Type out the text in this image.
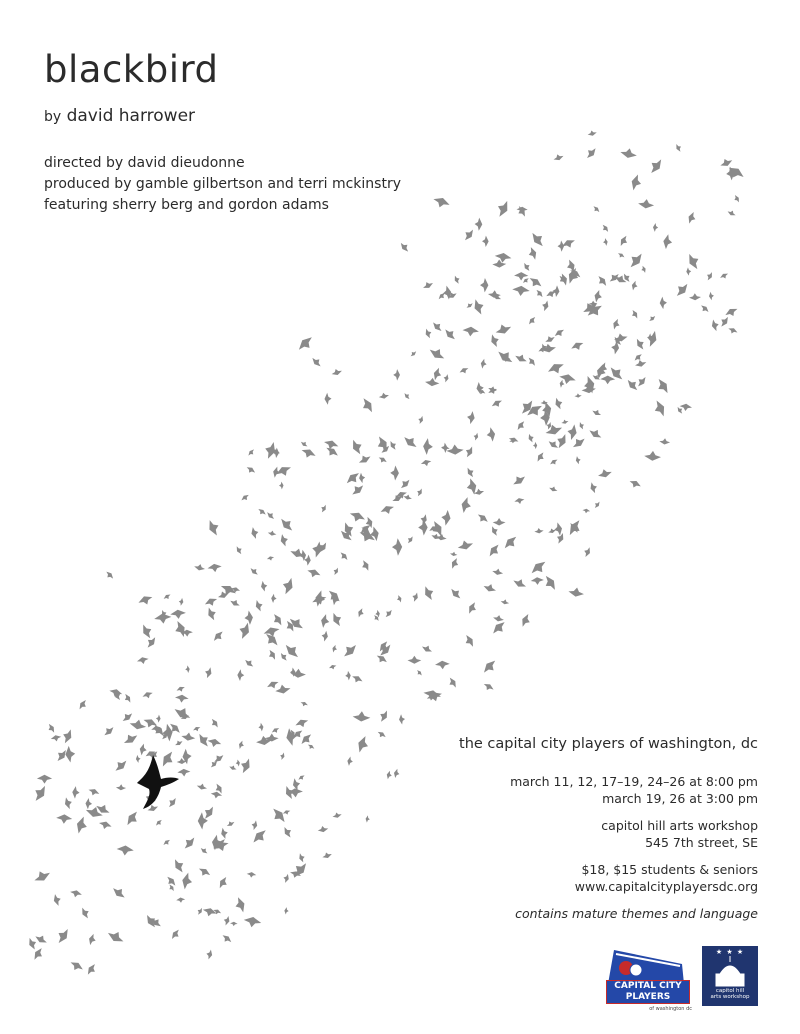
blackbird
by david harrower
directed by david dieudonne
produced by gamble gilbertson and terri mckinstry
featuring sherry berg and gordon adams
the capital city players of washington, dc
march 11, 12, 17–19, 24–26 at 8:00 pm
march 19, 26 at 3:00 pm
capitol hill arts workshop
545 7th street, SE
$18, $15 students & seniors
www.capitalcityplayersdc.org
contains mature themes and language
CAPITAL CITY
PLAYERS
of washington dc
★ ★ ★
capitol hill
arts workshop
